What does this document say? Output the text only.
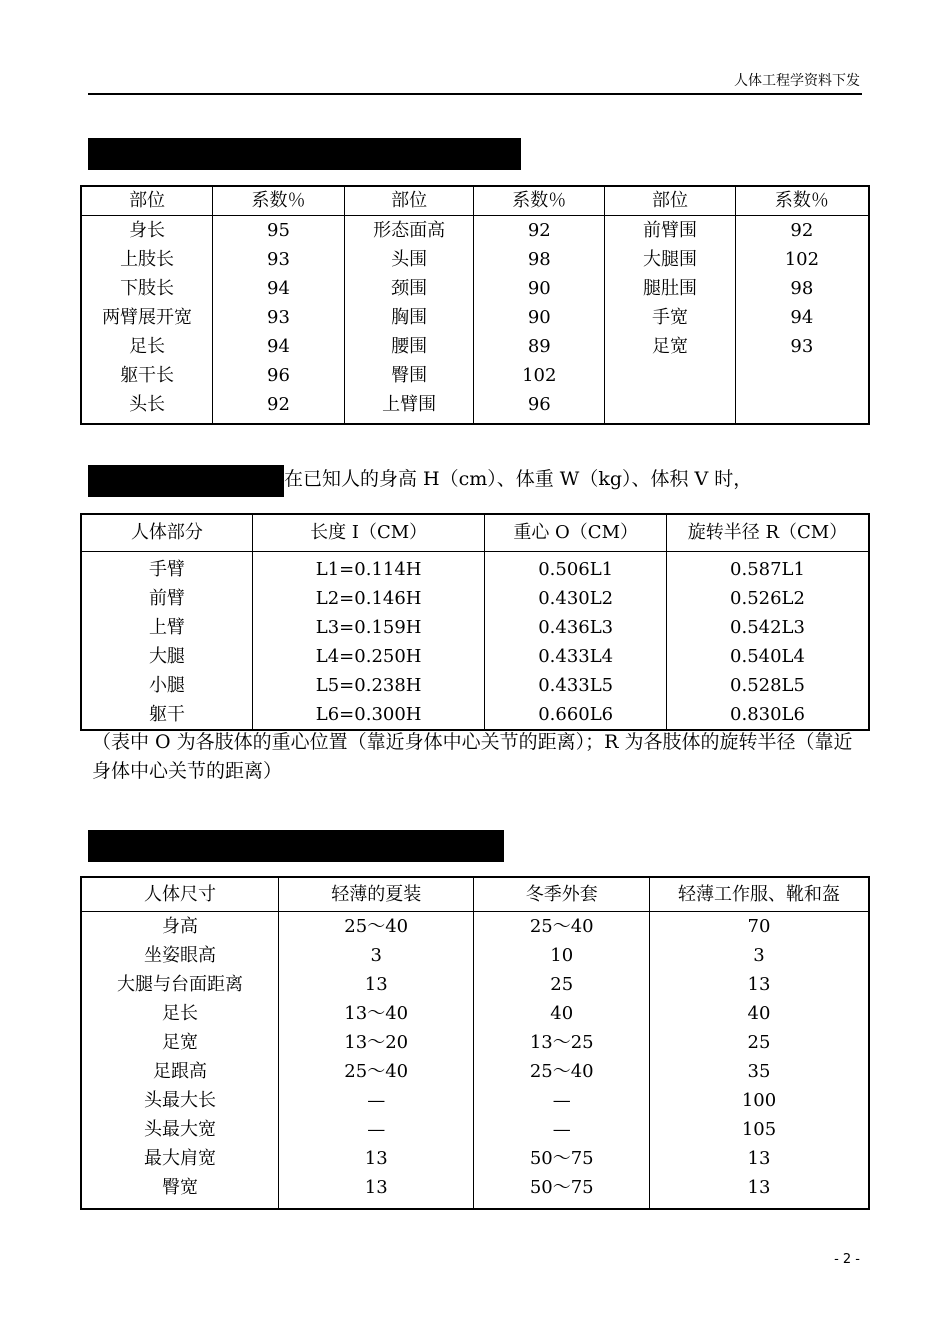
人体工程学资料下发
由男性测量值求得女性人体尺寸的换算系数
部位	系数％	部位	系数％	部位	系数％
身长	95	形态面高	92	前臂围	92
上肢长	93	头围	98	大腿围	102
下肢长	94	颈围	90	腿肚围	98
两臂展开宽	93	胸围	90	手宽	94
足长	94	腰围	89	足宽	93
躯干长	96	臀围	102		
头长	92	上臂围	96		
人体生物力学参数	在已知人的身高 H（cm）、体重 W（kg）、体积 V 时，
人体部分	长度 I（CM）	重心 O（CM）	旋转半径 R（CM）
手臂	L1=0.114H	0.506L1	0.587L1
前臂	L2=0.146H	0.430L2	0.526L2
上臂	L3=0.159H	0.436L3	0.542L3
大腿	L4=0.250H	0.433L4	0.540L4
小腿	L5=0.238H	0.433L5	0.528L5
躯干	L6=0.300H	0.660L6	0.830L6
（表中 O 为各肢体的重心位置（靠近身体中心关节的距离）；R 为各肢体的旋转半径（靠近身体中心关节的距离）
由于着衣人体尺寸增大的调整值(单位 mm)
人体尺寸	轻薄的夏装	冬季外套	轻薄工作服、靴和盔
身高	25～40	25～40	70
坐姿眼高	3	10	3
大腿与台面距离	13	25	13
足长	13～40	40	40
足宽	13～20	13～25	25
足跟高	25～40	25～40	35
头最大长	—	—	100
头最大宽	—	—	105
最大肩宽	13	50～75	13
臀宽	13	50～75	13
- 2 -
